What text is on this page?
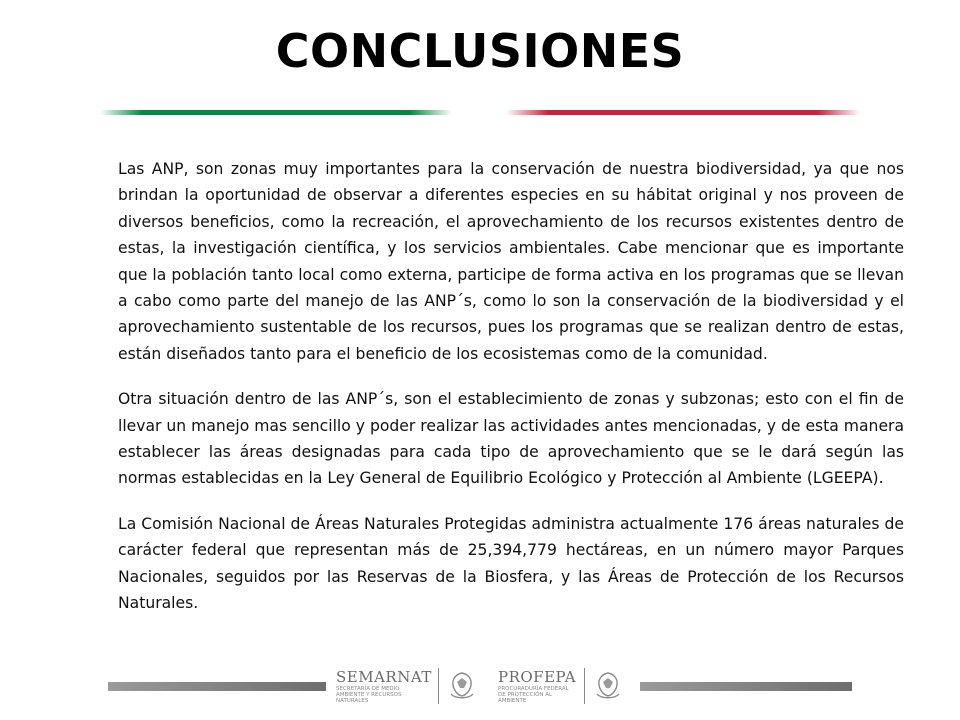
CONCLUSIONES

Las ANP, son zonas muy importantes para la conservación de nuestra biodiversidad, ya que nos brindan la oportunidad de observar a diferentes especies en su hábitat original y nos proveen de diversos beneficios, como la recreación, el aprovechamiento de los recursos existentes dentro de estas, la investigación científica, y los servicios ambientales. Cabe mencionar que es importante que la población tanto local como externa, participe de forma activa en los programas que se llevan a cabo como parte del manejo de las ANP´s, como lo son la conservación de la biodiversidad y el aprovechamiento sustentable de los recursos, pues los programas que se realizan dentro de estas, están diseñados tanto para el beneficio de los ecosistemas como de la comunidad.

Otra situación dentro de las ANP´s, son el establecimiento de zonas y subzonas; esto con el fin de llevar un manejo mas sencillo y poder realizar las actividades antes mencionadas, y de esta manera establecer las áreas designadas para cada tipo de aprovechamiento que se le dará según las normas establecidas en la Ley General de Equilibrio Ecológico y Protección al Ambiente (LGEEPA).

La Comisión Nacional de Áreas Naturales Protegidas administra actualmente 176 áreas naturales de carácter federal que representan más de 25,394,779 hectáreas, en un número mayor Parques Nacionales, seguidos por las Reservas de la Biosfera, y las Áreas de Protección de los Recursos Naturales.

SEMARNAT
SECRETARÍA DE MEDIO AMBIENTE Y RECURSOS NATURALES
PROFEPA
PROCURADURÍA FEDERAL DE PROTECCIÓN AL AMBIENTE
